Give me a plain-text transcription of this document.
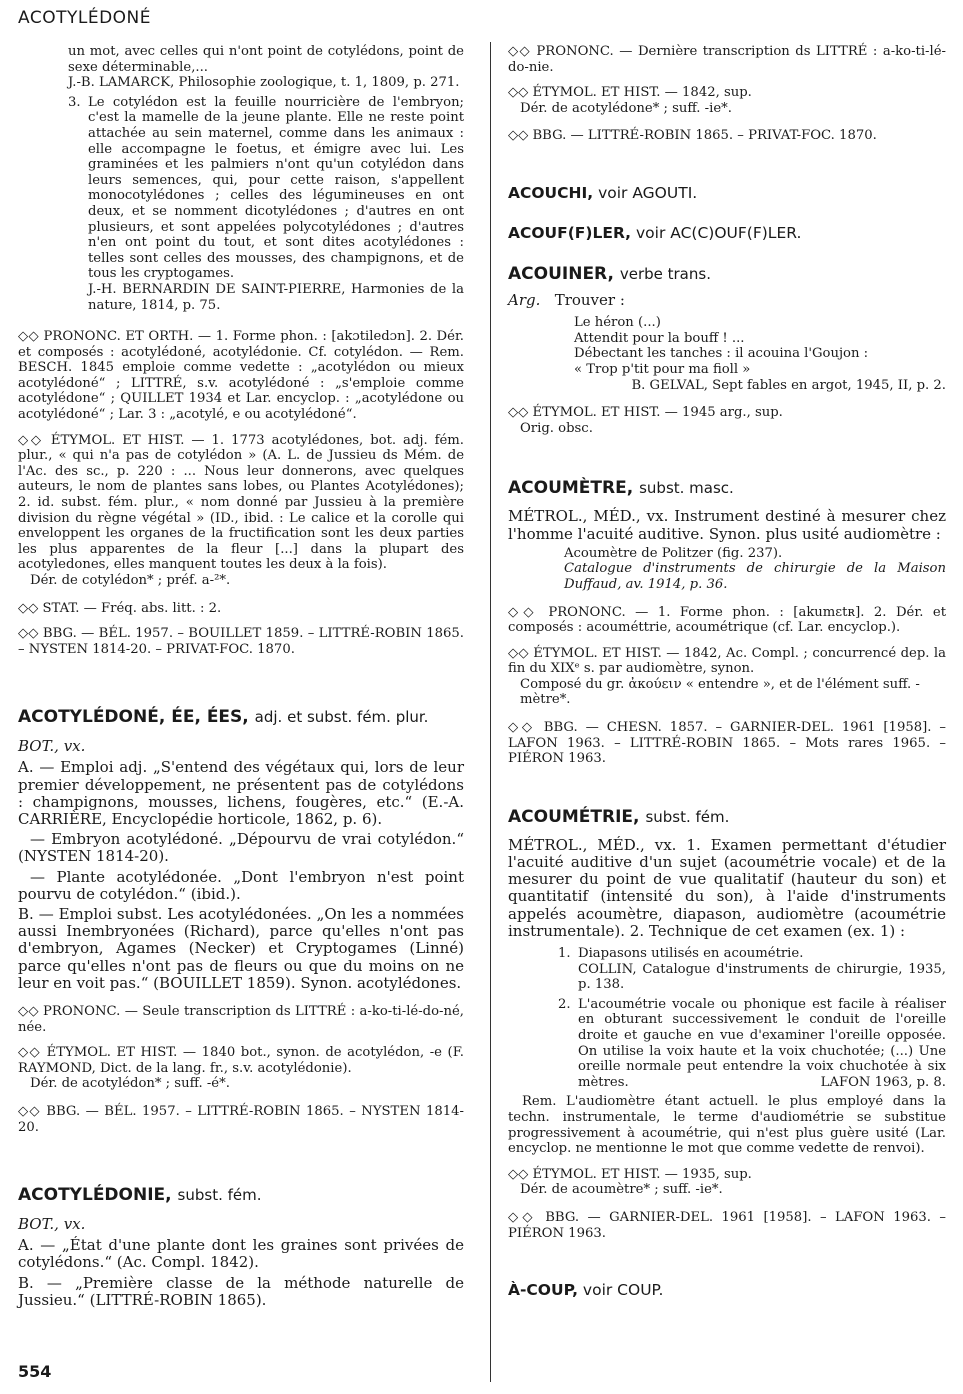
ACOTYLÉDONÉ

un mot, avec celles qui n'ont point de cotylédons, point de sexe déterminable,...

J.-B. LAMARCK, Philosophie zoologique, t. 1, 1809, p. 271.

3. Le cotylédon est la feuille nourricière de l'embryon; c'est la mamelle de la jeune plante. Elle ne reste point attachée au sein maternel, comme dans les animaux : elle accompagne le foetus, et émigre avec lui. Les graminées et les palmiers n'ont qu'un cotylédon dans leurs semences, qui, pour cette raison, s'appellent monocotylédones ; celles des légumineuses en ont deux, et se nomment dicotylédones ; d'autres en ont plusieurs, et sont appelées polycotylédones ; d'autres n'en ont point du tout, et sont dites acotylédones : telles sont celles des mousses, des champignons, et de tous les cryptogames.
J.-H. BERNARDIN DE SAINT-PIERRE, Harmonies de la nature, 1814, p. 75.

◇◇ PRONONC. ET ORTH. — 1. Forme phon. : [akɔtiledɔn]. 2. Dér. et composés : acotylédoné, acotylédonie. Cf. cotylédon. — Rem. BESCH. 1845 emploie comme vedette : „acotylédon ou mieux acotylédoné“ ; LITTRÉ, s.v. acotylédoné : „s'emploie comme acotylédone“ ; QUILLET 1934 et Lar. encyclop. : „acotylédone ou acotylédoné“ ; Lar. 3 : „acotylé, e ou acotylédoné“.

◇◇ ÉTYMOL. ET HIST. — 1. 1773 acotylédones, bot. adj. fém. plur., « qui n'a pas de cotylédon » (A. L. de Jussieu ds Mém. de l'Ac. des sc., p. 220 : ... Nous leur donnerons, avec quelques auteurs, le nom de plantes sans lobes, ou Plantes Acotylédones); 2. id. subst. fém. plur., « nom donné par Jussieu à la première division du règne végétal » (ID., ibid. : Le calice et la corolle qui enveloppent les organes de la fructification sont les deux parties les plus apparentes de la fleur [...] dans la plupart des acotyledones, elles manquent toutes les deux à la fois).

Dér. de cotylédon* ; préf. a-²*.

◇◇ STAT. — Fréq. abs. litt. : 2.

◇◇ BBG. — BÉL. 1957. – BOUILLET 1859. – LITTRÉ-ROBIN 1865. – NYSTEN 1814-20. – PRIVAT-FOC. 1870.

ACOTYLÉDONÉ, ÉE, ÉES, adj. et subst. fém. plur.

BOT., vx.

A. — Emploi adj. „S'entend des végétaux qui, lors de leur premier développement, ne présentent pas de cotylédons : champignons, mousses, lichens, fougères, etc.“ (E.-A. CARRIÈRE, Encyclopédie horticole, 1862, p. 6).

— Embryon acotylédoné. „Dépourvu de vrai cotylédon.“ (NYSTEN 1814-20).

— Plante acotylédonée. „Dont l'embryon n'est point pourvu de cotylédon.“ (ibid.).

B. — Emploi subst. Les acotylédonées. „On les a nommées aussi Inembryonées (Richard), parce qu'elles n'ont pas d'embryon, Agames (Necker) et Cryptogames (Linné) parce qu'elles n'ont pas de fleurs ou que du moins on ne leur en voit pas.“ (BOUILLET 1859). Synon. acotylédones.

◇◇ PRONONC. — Seule transcription ds LITTRÉ : a-ko-ti-lé-do-né, née.

◇◇ ÉTYMOL. ET HIST. — 1840 bot., synon. de acotylédon, -e (F. RAYMOND, Dict. de la lang. fr., s.v. acotylédonie).

Dér. de acotylédon* ; suff. -é*.

◇◇ BBG. — BÉL. 1957. – LITTRÉ-ROBIN 1865. – NYSTEN 1814-20.

ACOTYLÉDONIE, subst. fém.

BOT., vx.

A. — „État d'une plante dont les graines sont privées de cotylédons.“ (Ac. Compl. 1842).

B. — „Première classe de la méthode naturelle de Jussieu.“ (LITTRÉ-ROBIN 1865).

◇◇ PRONONC. — Dernière transcription ds LITTRÉ : a-ko-ti-lé-do-nie.

◇◇ ÉTYMOL. ET HIST. — 1842, sup.

Dér. de acotylédone* ; suff. -ie*.

◇◇ BBG. — LITTRÉ-ROBIN 1865. – PRIVAT-FOC. 1870.

ACOUCHI, voir AGOUTI.
ACOUF(F)LER, voir AC(C)OUF(F)LER.
ACOUINER, verbe trans.

Arg. Trouver :

Le héron (...)
Attendit pour la bouff ! ...
Débectant les tanches : il acouina l'Goujon :
« Trop p'tit pour ma fioll »
B. GELVAL, Sept fables en argot, 1945, II, p. 2.

◇◇ ÉTYMOL. ET HIST. — 1945 arg., sup.

Orig. obsc.

ACOUMÈTRE, subst. masc.

MÉTROL., MÉD., vx. Instrument destiné à mesurer chez l'homme l'acuité auditive. Synon. plus usité audiomètre :

Acoumètre de Politzer (fig. 237).

Catalogue d'instruments de chirurgie de la Maison Duffaud, av. 1914, p. 36.

◇◇ PRONONC. — 1. Forme phon. : [akumɛtʀ]. 2. Dér. et composés : acouméttrie, acoumétrique (cf. Lar. encyclop.).

◇◇ ÉTYMOL. ET HIST. — 1842, Ac. Compl. ; concurrencé dep. la fin du XIXᵉ s. par audiomètre, synon.

Composé du gr. ἀκούειν « entendre », et de l'élément suff. -mètre*.

◇◇ BBG. — CHESN. 1857. – GARNIER-DEL. 1961 [1958]. – LAFON 1963. – LITTRÉ-ROBIN 1865. – Mots rares 1965. – PIÉRON 1963.

ACOUMÉTRIE, subst. fém.

MÉTROL., MÉD., vx. 1. Examen permettant d'étudier l'acuité auditive d'un sujet (acoumétrie vocale) et de la mesurer du point de vue qualitatif (hauteur du son) et quantitatif (intensité du son), à l'aide d'instruments appelés acoumètre, diapason, audiomètre (acoumétrie instrumentale). 2. Technique de cet examen (ex. 1) :

1. Diapasons utilisés en acoumétrie.
COLLIN, Catalogue d'instruments de chirurgie, 1935, p. 138.
2. L'acoumétrie vocale ou phonique est facile à réaliser en obturant successivement le conduit de l'oreille droite et gauche en vue d'examiner l'oreille opposée. On utilise la voix haute et la voix chuchotée; (...) Une oreille normale peut entendre la voix chuchotée à six mètres.	LAFON 1963, p. 8.

Rem. L'audiomètre étant actuell. le plus employé dans la techn. instrumentale, le terme d'audiométrie se substitue progressivement à acoumétrie, qui n'est plus guère usité (Lar. encyclop. ne mentionne le mot que comme vedette de renvoi).

◇◇ ÉTYMOL. ET HIST. — 1935, sup.

Dér. de acoumètre* ; suff. -ie*.

◇◇ BBG. — GARNIER-DEL. 1961 [1958]. – LAFON 1963. – PIÉRON 1963.

À-COUP, voir COUP.
554
